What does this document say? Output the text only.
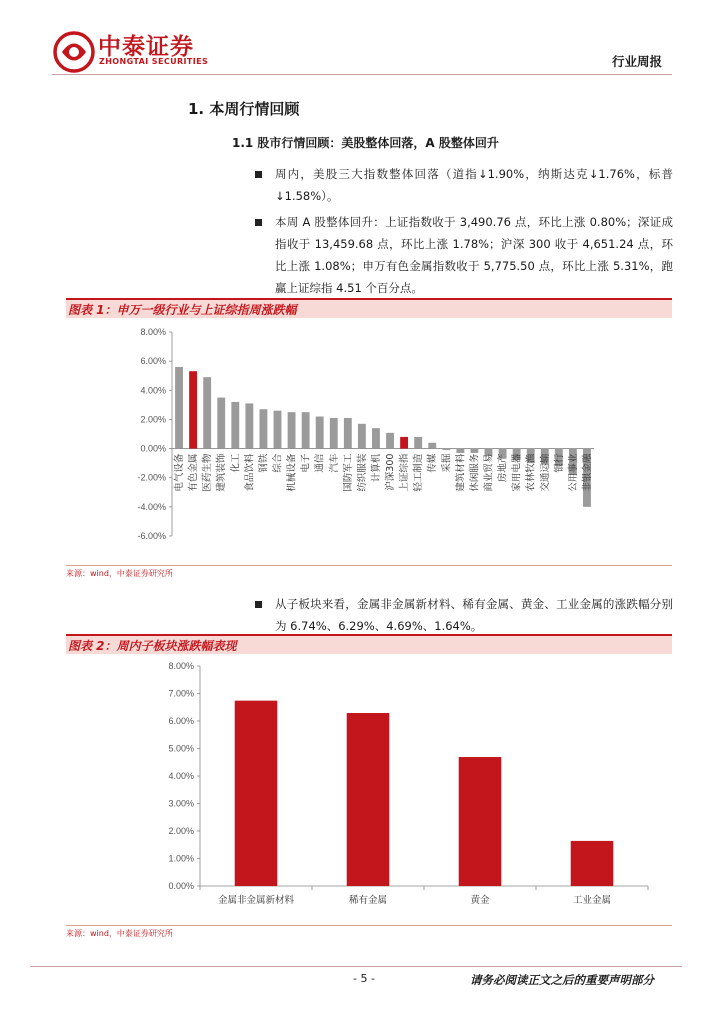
中泰证券
ZHONGTAI SECURITIES	行业周报
1. 本周行情回顾
1.1 股市行情回顾：美股整体回落，A 股整体回升
周内，美股三大指数整体回落（道指↓1.90%，纳斯达克↓1.76%，标普↓1.58%）。
本周 A 股整体回升：上证指数收于 3,490.76 点，环比上涨 0.80%；深证成指收于 13,459.68 点，环比上涨 1.78%；沪深 300 收于 4,651.24 点，环比上涨 1.08%；申万有色金属指数收于 5,775.50 点，环比上涨 5.31%，跑赢上证综指 4.51 个百分点。
图表 1：申万一级行业与上证综指周涨跌幅
8.00%
6.00%
4.00%
2.00%
0.00%
-2.00%
-4.00%
-6.00%
电气设备 有色金属 医药生物 建筑装饰 化工 食品饮料 钢铁 综合 机械设备 电子 通信 汽车 国防军工 纺织服装 计算机 沪深300 上证综指 轻工制造 传媒 采掘 建筑材料 休闲服务 商业贸易 房地产 家用电器 农林牧渔 交通运输 银行 公用事业 非银金融
来源：wind，中泰证券研究所
从子板块来看，金属非金属新材料、稀有金属、黄金、工业金属的涨跌幅分别为 6.74%、6.29%、4.69%、1.64%。
图表 2：周内子板块涨跌幅表现
8.00%
7.00%
6.00%
5.00%
4.00%
3.00%
2.00%
1.00%
0.00%
金属非金属新材料	稀有金属	黄金	工业金属
来源：wind，中泰证券研究所
- 5 -	请务必阅读正文之后的重要声明部分
